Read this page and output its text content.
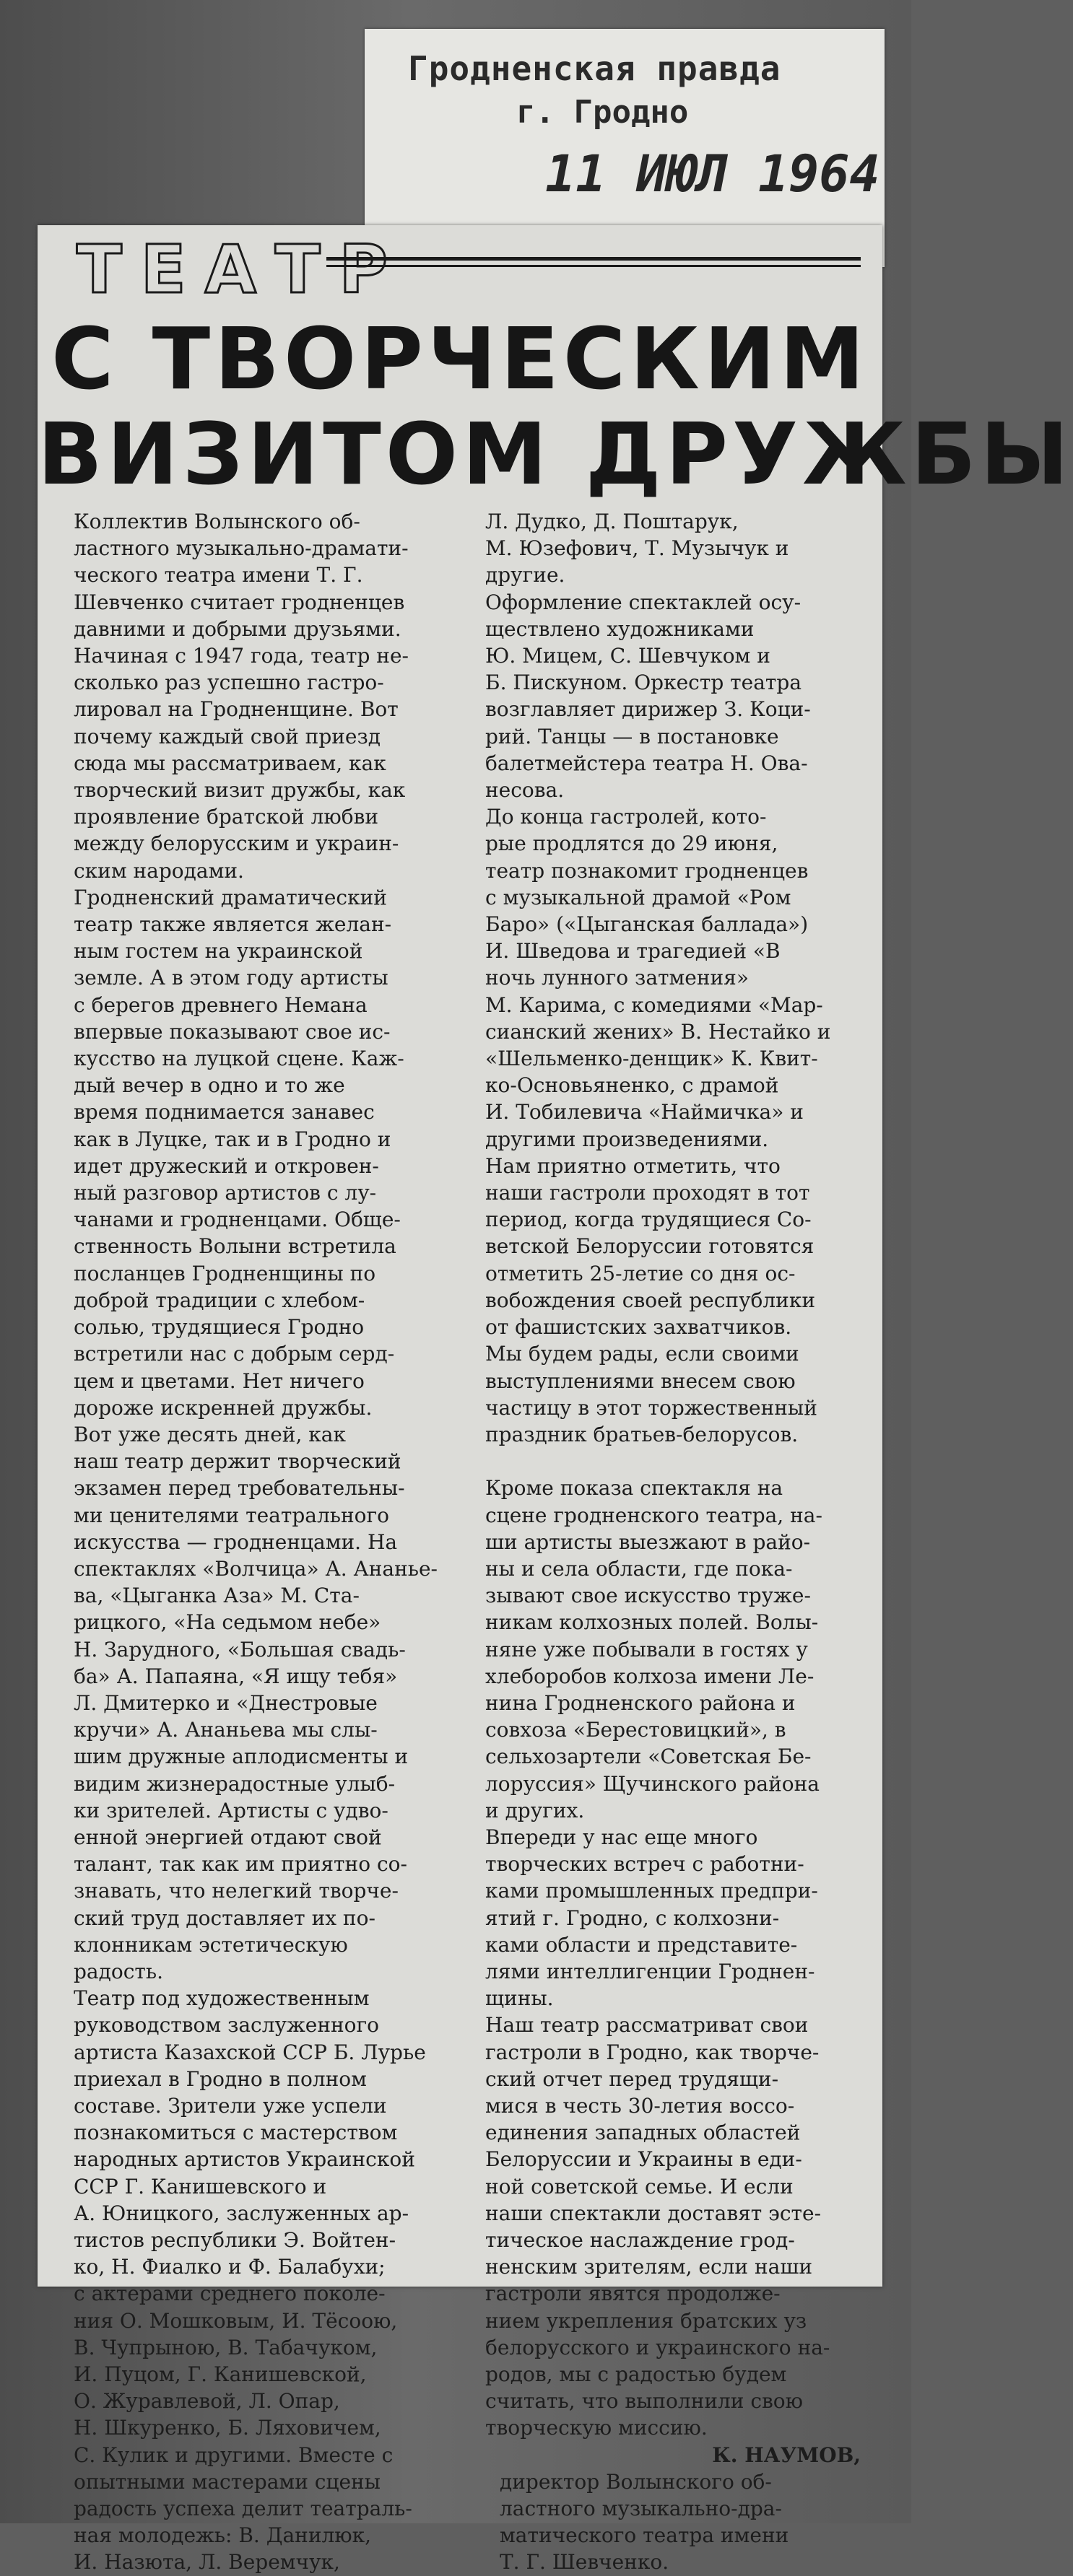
Гродненская правда
г. Гродно
11 ИЮЛ 1964
ТЕАТР
С ТВОРЧЕСКИМ
ВИЗИТОМ ДРУЖБЫ
Коллектив Волынского об-
ластного музыкально-драмати-
ческого театра имени Т. Г.
Шевченко считает гродненцев
давними и добрыми друзьями.
Начиная с 1947 года, театр не-
сколько раз успешно гастро-
лировал на Гродненщине. Вот
почему каждый свой приезд
сюда мы рассматриваем, как
творческий визит дружбы, как
проявление братской любви
между белорусским и украин-
ским народами.
Гродненский драматический
театр также является желан-
ным гостем на украинской
земле. А в этом году артисты
с берегов древнего Немана
впервые показывают свое ис-
кусство на луцкой сцене. Каж-
дый вечер в одно и то же
время поднимается занавес
как в Луцке, так и в Гродно и
идет дружеский и откровен-
ный разговор артистов с лу-
чанами и гродненцами. Обще-
ственность Волыни встретила
посланцев Гродненщины по
доброй традиции с хлебом-
солью, трудящиеся Гродно
встретили нас с добрым серд-
цем и цветами. Нет ничего
дороже искренней дружбы.
Вот уже десять дней, как
наш театр держит творческий
экзамен перед требовательны-
ми ценителями театрального
искусства — гродненцами. На
спектаклях «Волчица» А. Ананье-
ва, «Цыганка Аза» М. Ста-
рицкого, «На седьмом небе»
Н. Зарудного, «Большая свадь-
ба» А. Папаяна, «Я ищу тебя»
Л. Дмитерко и «Днестровые
кручи» А. Ананьева мы слы-
шим дружные аплодисменты и
видим жизнерадостные улыб-
ки зрителей. Артисты с удво-
енной энергией отдают свой
талант, так как им приятно со-
знавать, что нелегкий творче-
ский труд доставляет их по-
клонникам эстетическую
радость.
Театр под художественным
руководством заслуженного
артиста Казахской ССР Б. Лурье
приехал в Гродно в полном
составе. Зрители уже успели
познакомиться с мастерством
народных артистов Украинской
ССР Г. Канишевского и
А. Юницкого, заслуженных ар-
тистов республики Э. Войтен-
ко, Н. Фиалко и Ф. Балабухи;
с актерами среднего поколе-
ния О. Мошковым, И. Тёсоою,
В. Чупрыною, В. Табачуком,
И. Пуцом, Г. Канишевской,
О. Журавлевой, Л. Опар,
Н. Шкуренко, Б. Ляховичем,
С. Кулик и другими. Вместе с
опытными мастерами сцены
радость успеха делит театраль-
ная молодежь: В. Данилюк,
И. Назюта, Л. Веремчук,
Л. Дудко, Д. Поштарук,
М. Юзефович, Т. Музычук и
другие.
Оформление спектаклей осу-
ществлено художниками
Ю. Мицем, С. Шевчуком и
Б. Пискуном. Оркестр театра
возглавляет дирижер З. Коци-
рий. Танцы — в постановке
балетмейстера театра Н. Ова-
несова.
До конца гастролей, кото-
рые продлятся до 29 июня,
театр познакомит гродненцев
с музыкальной драмой «Ром
Баро» («Цыганская баллада»)
И. Шведова и трагедией «В
ночь лунного затмения»
М. Карима, с комедиями «Мар-
сианский жених» В. Нестайко и
«Шельменко-денщик» К. Квит-
ко-Основьяненко, с драмой
И. Тобилевича «Наймичка» и
другими произведениями.
Нам приятно отметить, что
наши гастроли проходят в тот
период, когда трудящиеся Со-
ветской Белоруссии готовятся
отметить 25-летие со дня ос-
вобождения своей республики
от фашистских захватчиков.
Мы будем рады, если своими
выступлениями внесем свою
частицу в этот торжественный
праздник братьев-белорусов.

Кроме показа спектакля на
сцене гродненского театра, на-
ши артисты выезжают в райо-
ны и села области, где пока-
зывают свое искусство труже-
никам колхозных полей. Волы-
няне уже побывали в гостях у
хлеборобов колхоза имени Ле-
нина Гродненского района и
совхоза «Берестовицкий», в
сельхозартели «Советская Бе-
лоруссия» Щучинского района
и других.
Впереди у нас еще много
творческих встреч с работни-
ками промышленных предпри-
ятий г. Гродно, с колхозни-
ками области и представите-
лями интеллигенции Гроднен-
щины.
Наш театр рассматриват свои
гастроли в Гродно, как творче-
ский отчет перед трудящи-
мися в честь 30-летия воссо-
единения западных областей
Белоруссии и Украины в еди-
ной советской семье. И если
наши спектакли доставят эсте-
тическое наслаждение грод-
ненским зрителям, если наши
гастроли явятся продолже-
нием укрепления братских уз
белорусского и украинского на-
родов, мы с радостью будем
считать, что выполнили свою
творческую миссию.
К. НАУМОВ,
директор Волынского об-
ластного музыкально-дра-
матического театра имени
Т. Г. Шевченко.
